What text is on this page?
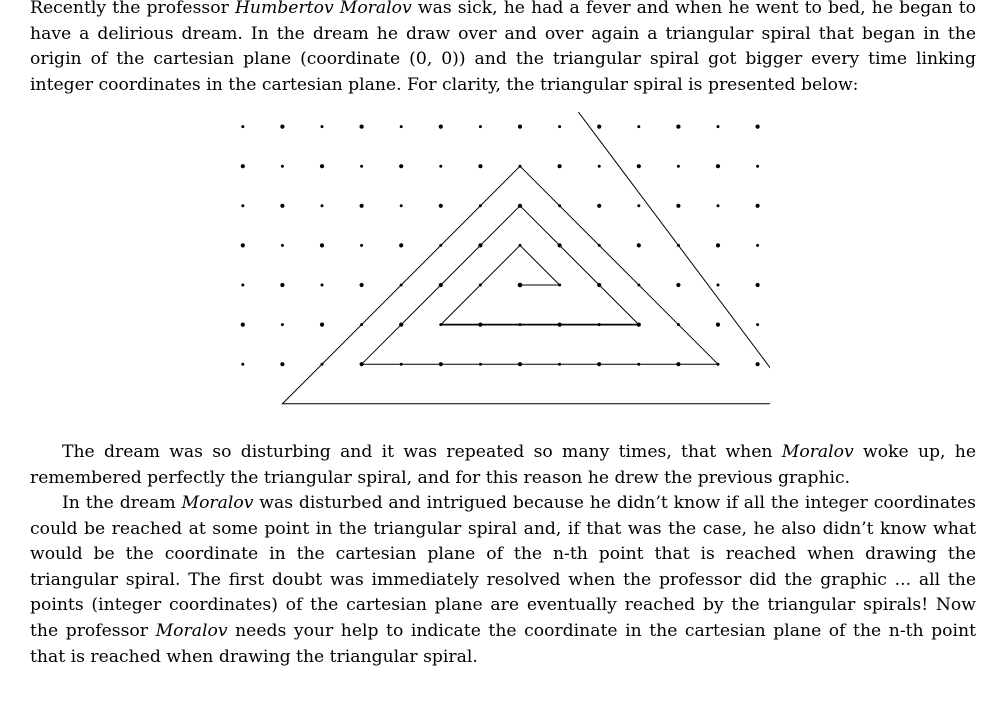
Recently the professor Humbertov Moralov was sick, he had a fever and when he went to bed, he began to have a delirious dream. In the dream he draw over and over again a triangular spiral that began in the origin of the cartesian plane (coordinate (0, 0)) and the triangular spiral got bigger every time linking integer coordinates in the cartesian plane. For clarity, the triangular spiral is presented below:

The dream was so disturbing and it was repeated so many times, that when Moralov woke up, he remembered perfectly the triangular spiral, and for this reason he drew the previous graphic.

In the dream Moralov was disturbed and intrigued because he didn’t know if all the integer coordinates could be reached at some point in the triangular spiral and, if that was the case, he also didn’t know what would be the coordinate in the cartesian plane of the n-th point that is reached when drawing the triangular spiral. The first doubt was immediately resolved when the professor did the graphic ... all the points (integer coordinates) of the cartesian plane are eventually reached by the triangular spirals! Now the professor Moralov needs your help to indicate the coordinate in the cartesian plane of the n-th point that is reached when drawing the triangular spiral.
